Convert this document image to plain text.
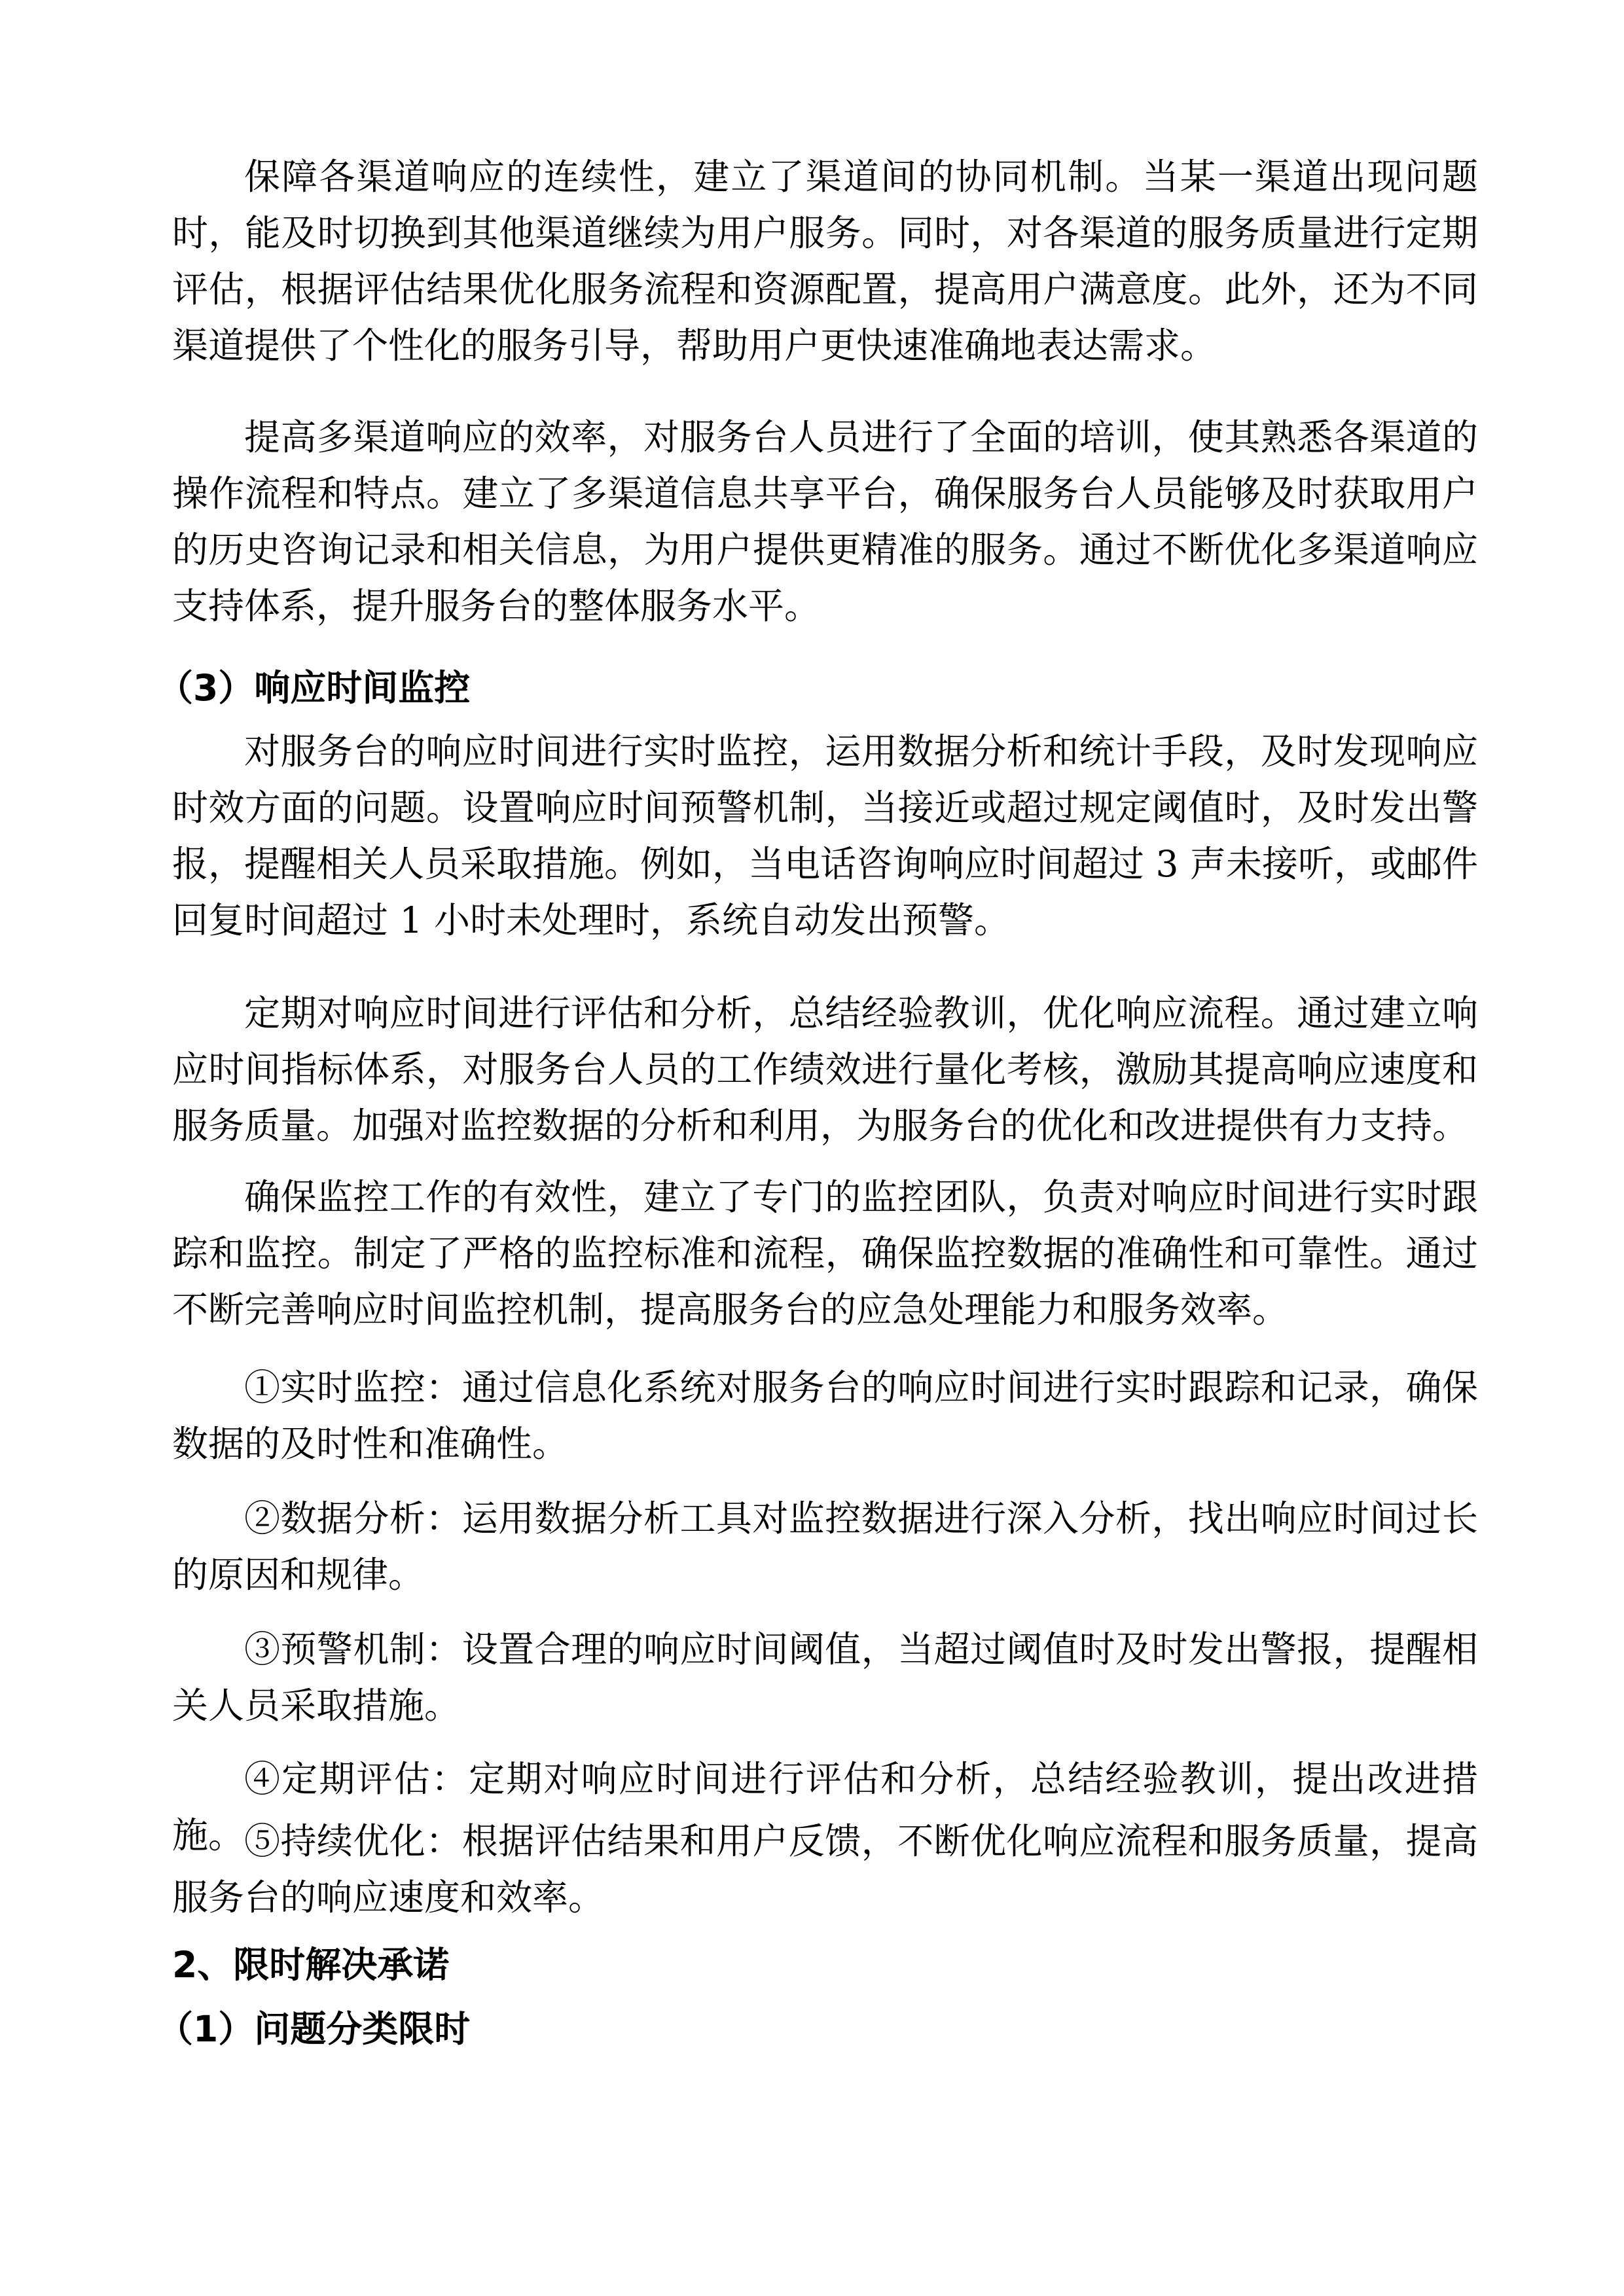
保障各渠道响应的连续性，建立了渠道间的协同机制。当某一渠道出现问题时，能及时切换到其他渠道继续为用户服务。同时，对各渠道的服务质量进行定期评估，根据评估结果优化服务流程和资源配置，提高用户满意度。此外，还为不同渠道提供了个性化的服务引导，帮助用户更快速准确地表达需求。

提高多渠道响应的效率，对服务台人员进行了全面的培训，使其熟悉各渠道的操作流程和特点。建立了多渠道信息共享平台，确保服务台人员能够及时获取用户的历史咨询记录和相关信息，为用户提供更精准的服务。通过不断优化多渠道响应支持体系，提升服务台的整体服务水平。

（3）响应时间监控

对服务台的响应时间进行实时监控，运用数据分析和统计手段，及时发现响应时效方面的问题。设置响应时间预警机制，当接近或超过规定阈值时，及时发出警报，提醒相关人员采取措施。例如，当电话咨询响应时间超过 3 声未接听，或邮件回复时间超过 1 小时未处理时，系统自动发出预警。

定期对响应时间进行评估和分析，总结经验教训，优化响应流程。通过建立响应时间指标体系，对服务台人员的工作绩效进行量化考核，激励其提高响应速度和服务质量。加强对监控数据的分析和利用，为服务台的优化和改进提供有力支持。

确保监控工作的有效性，建立了专门的监控团队，负责对响应时间进行实时跟踪和监控。制定了严格的监控标准和流程，确保监控数据的准确性和可靠性。通过不断完善响应时间监控机制，提高服务台的应急处理能力和服务效率。

①实时监控：通过信息化系统对服务台的响应时间进行实时跟踪和记录，确保数据的及时性和准确性。

②数据分析：运用数据分析工具对监控数据进行深入分析，找出响应时间过长的原因和规律。

③预警机制：设置合理的响应时间阈值，当超过阈值时及时发出警报，提醒相关人员采取措施。

④定期评估：定期对响应时间进行评估和分析，总结经验教训，提出改进措施。 ⑤持续优化：根据评估结果和用户反馈，不断优化响应流程和服务质量，提高服务台的响应速度和效率。

2、限时解决承诺
（1）问题分类限时
